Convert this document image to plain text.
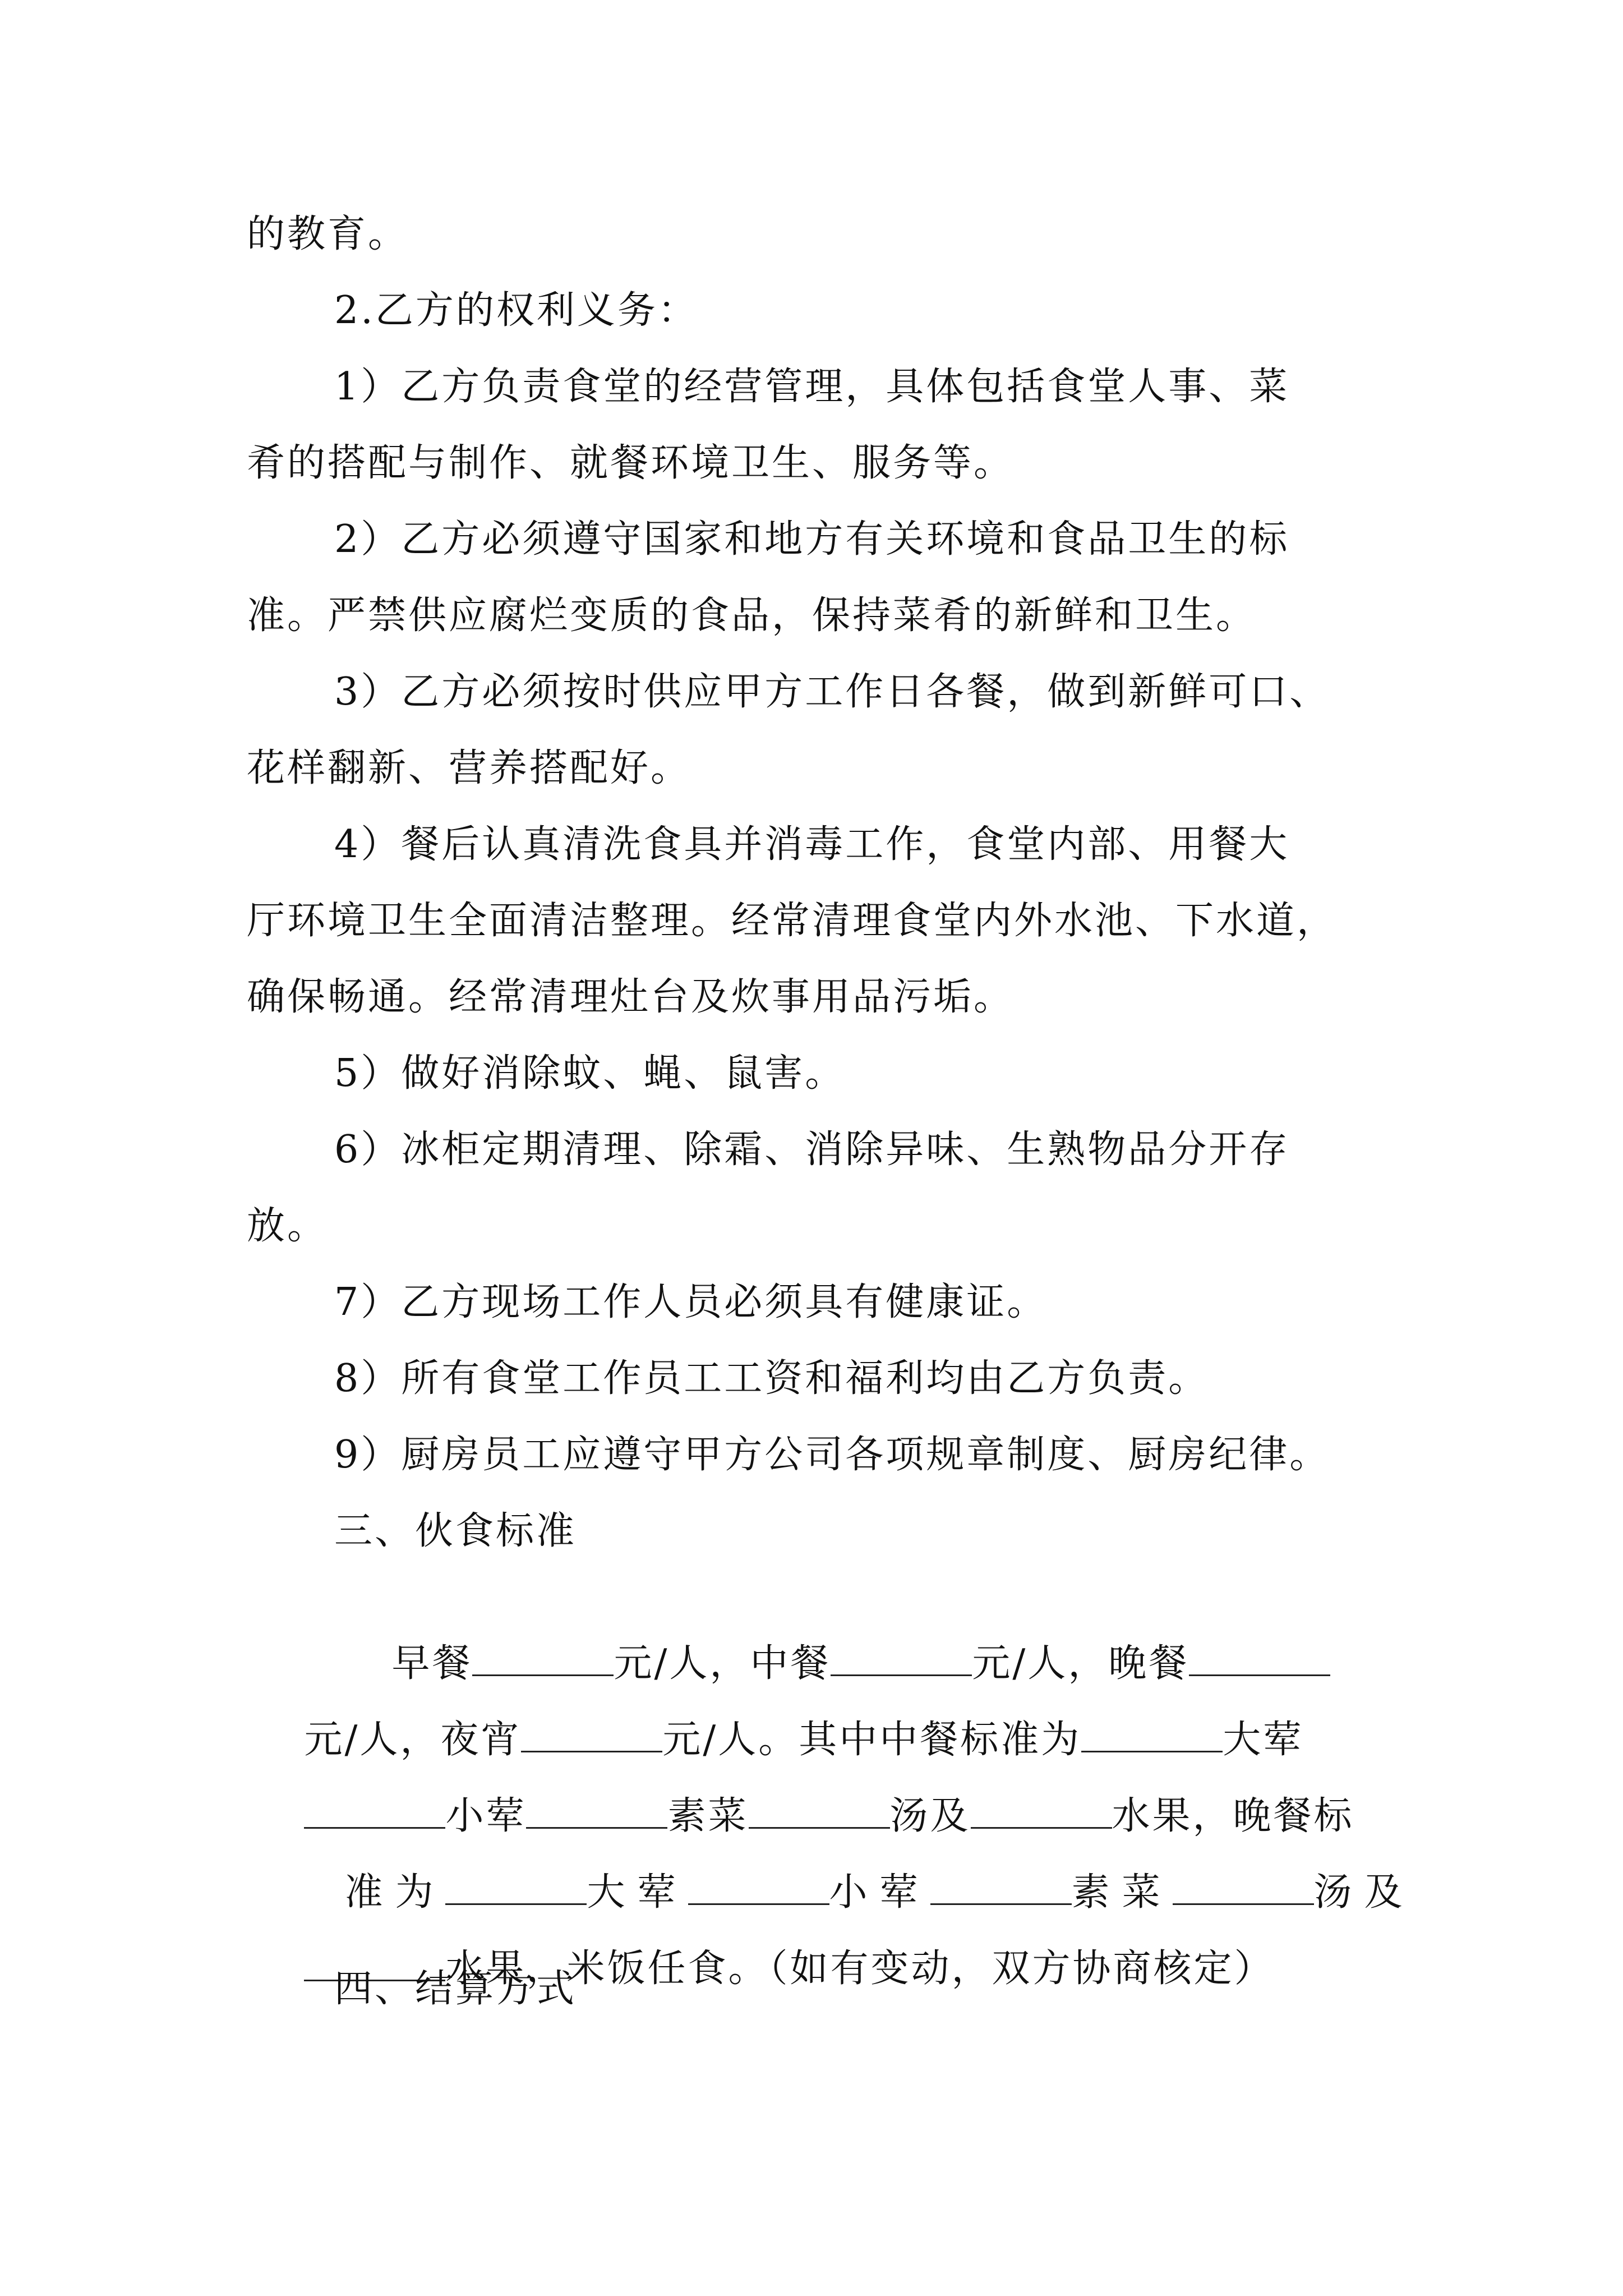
的教育。
2.乙方的权利义务：
1）乙方负责食堂的经营管理，具体包括食堂人事、菜
肴的搭配与制作、就餐环境卫生、服务等。
2）乙方必须遵守国家和地方有关环境和食品卫生的标
准。严禁供应腐烂变质的食品，保持菜肴的新鲜和卫生。
3）乙方必须按时供应甲方工作日各餐，做到新鲜可口、
花样翻新、营养搭配好。
4）餐后认真清洗食具并消毒工作，食堂内部、用餐大
厅环境卫生全面清洁整理。经常清理食堂内外水池、下水道，
确保畅通。经常清理灶台及炊事用品污垢。
5）做好消除蚊、蝇、鼠害。
6）冰柜定期清理、除霜、消除异味、生熟物品分开存
放。
7）乙方现场工作人员必须具有健康证。
8）所有食堂工作员工工资和福利均由乙方负责。
9）厨房员工应遵守甲方公司各项规章制度、厨房纪律。
三、伙食标准

早餐	元/人，中餐	元/人，晚餐

元/人，夜宵	元/人。其中中餐标准为	大荤

小荤	素菜	汤及	水果，晚餐标

准为	大荤	小荤	素菜	汤及

水果，米饭任食。（如有变动，双方协商核定）

四、结算方式
